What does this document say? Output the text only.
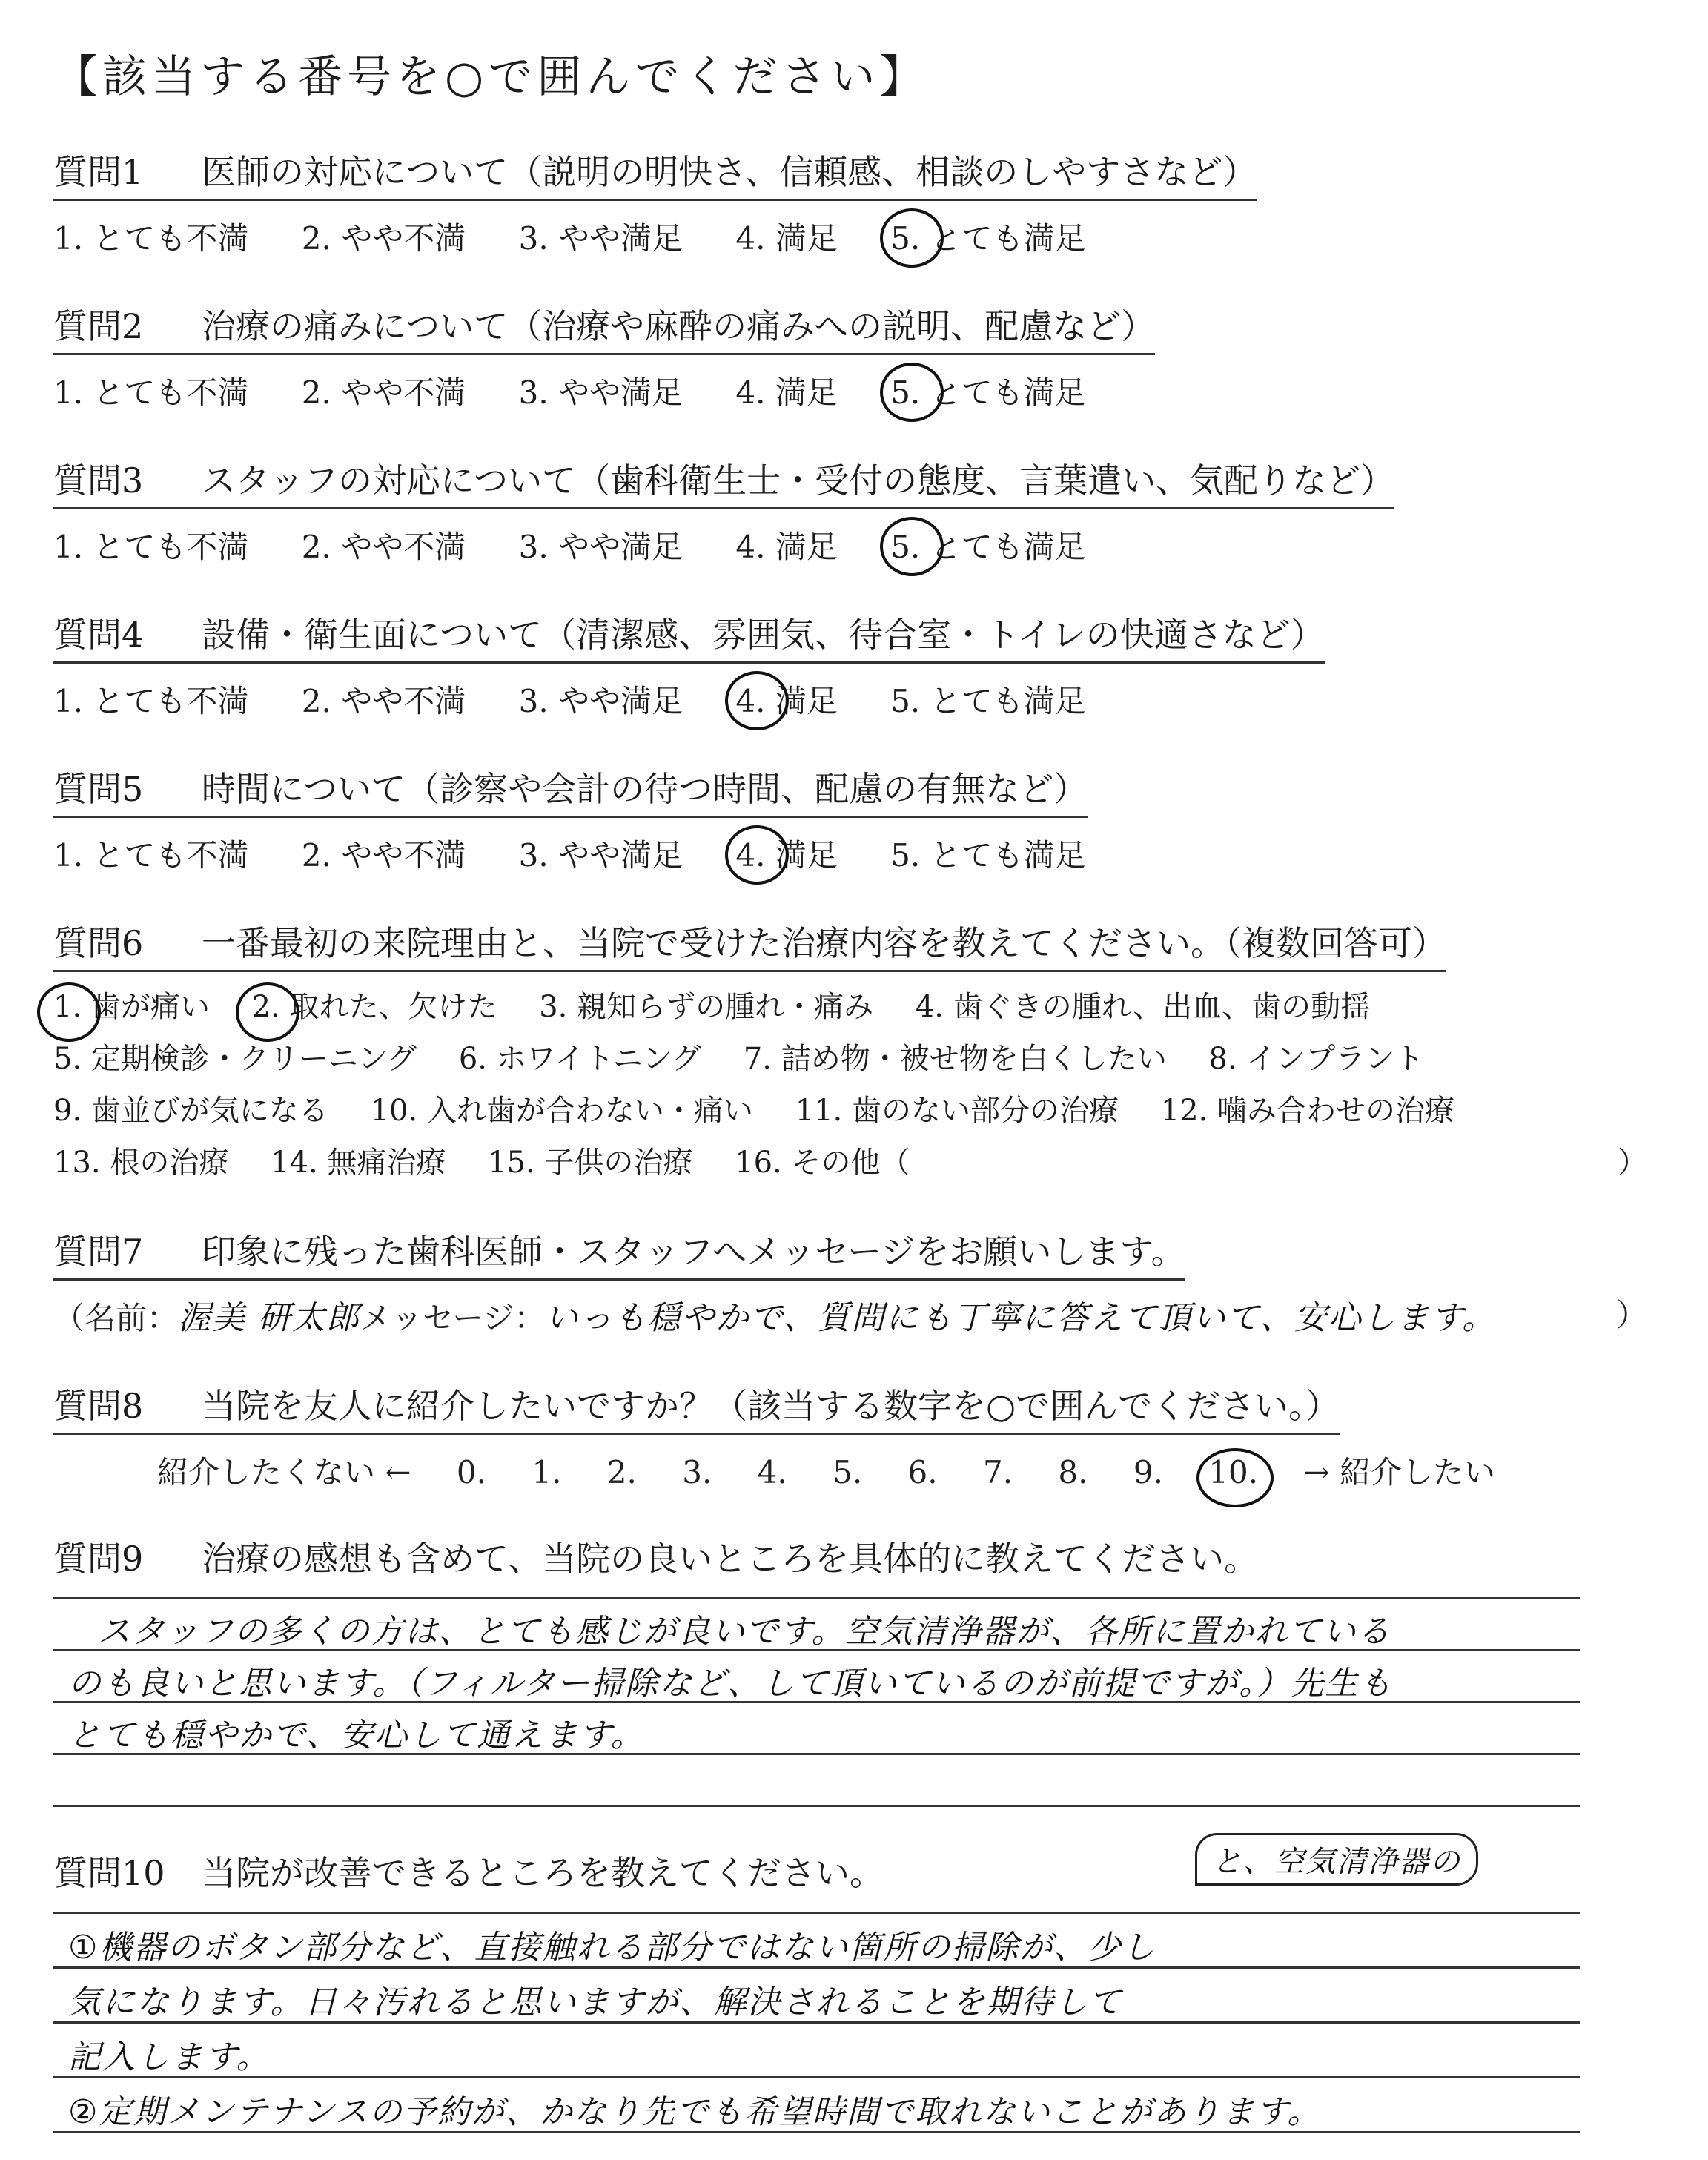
【該当する番号を○で囲んでください】
質問1 医師の対応について（説明の明快さ、信頼感、相談のしやすさなど）
1. とても不満 2. やや不満 3. やや満足 4. 満足 5. とても満足
質問2 治療の痛みについて（治療や麻酔の痛みへの説明、配慮など）
1. とても不満 2. やや不満 3. やや満足 4. 満足 5. とても満足
質問3 スタッフの対応について（歯科衛生士・受付の態度、言葉遣い、気配りなど）
1. とても不満 2. やや不満 3. やや満足 4. 満足 5. とても満足
質問4 設備・衛生面について（清潔感、雰囲気、待合室・トイレの快適さなど）
1. とても不満 2. やや不満 3. やや満足 4. 満足 5. とても満足
質問5 時間について（診察や会計の待つ時間、配慮の有無など）
1. とても不満 2. やや不満 3. やや満足 4. 満足 5. とても満足
質問6 一番最初の来院理由と、当院で受けた治療内容を教えてください。（複数回答可）
1. 歯が痛い 2. 取れた、欠けた 3. 親知らずの腫れ・痛み 4. 歯ぐきの腫れ、出血、歯の動揺
5. 定期検診・クリーニング 6. ホワイトニング 7. 詰め物・被せ物を白くしたい 8. インプラント
9. 歯並びが気になる 10. 入れ歯が合わない・痛い 11. 歯のない部分の治療 12. 噛み合わせの治療
13. 根の治療 14. 無痛治療 15. 子供の治療 16. その他（	）
質問7 印象に残った歯科医師・スタッフへメッセージをお願いします。
（名前：渥美 研太郎メッセージ：いっも穏やかで、質問にも丁寧に答えて頂いて、安心します。	）
質問8 当院を友人に紹介したいですか？（該当する数字を○で囲んでください。）
紹介したくない ← 0. 1. 2. 3. 4. 5. 6. 7. 8. 9. 10. → 紹介したい
質問9 治療の感想も含めて、当院の良いところを具体的に教えてください。
スタッフの多くの方は、とても感じが良いです。空気清浄器が、各所に置かれている
のも良いと思います。（フィルター掃除など、して頂いているのが前提ですが。）先生も
とても穏やかで、安心して通えます。
質問10 当院が改善できるところを教えてください。	と、空気清浄器の
①機器のボタン部分など、直接触れる部分ではない箇所の掃除が、少し
気になります。日々汚れると思いますが、解決されることを期待して
記入します。
②定期メンテナンスの予約が、かなり先でも希望時間で取れないことがあります。
